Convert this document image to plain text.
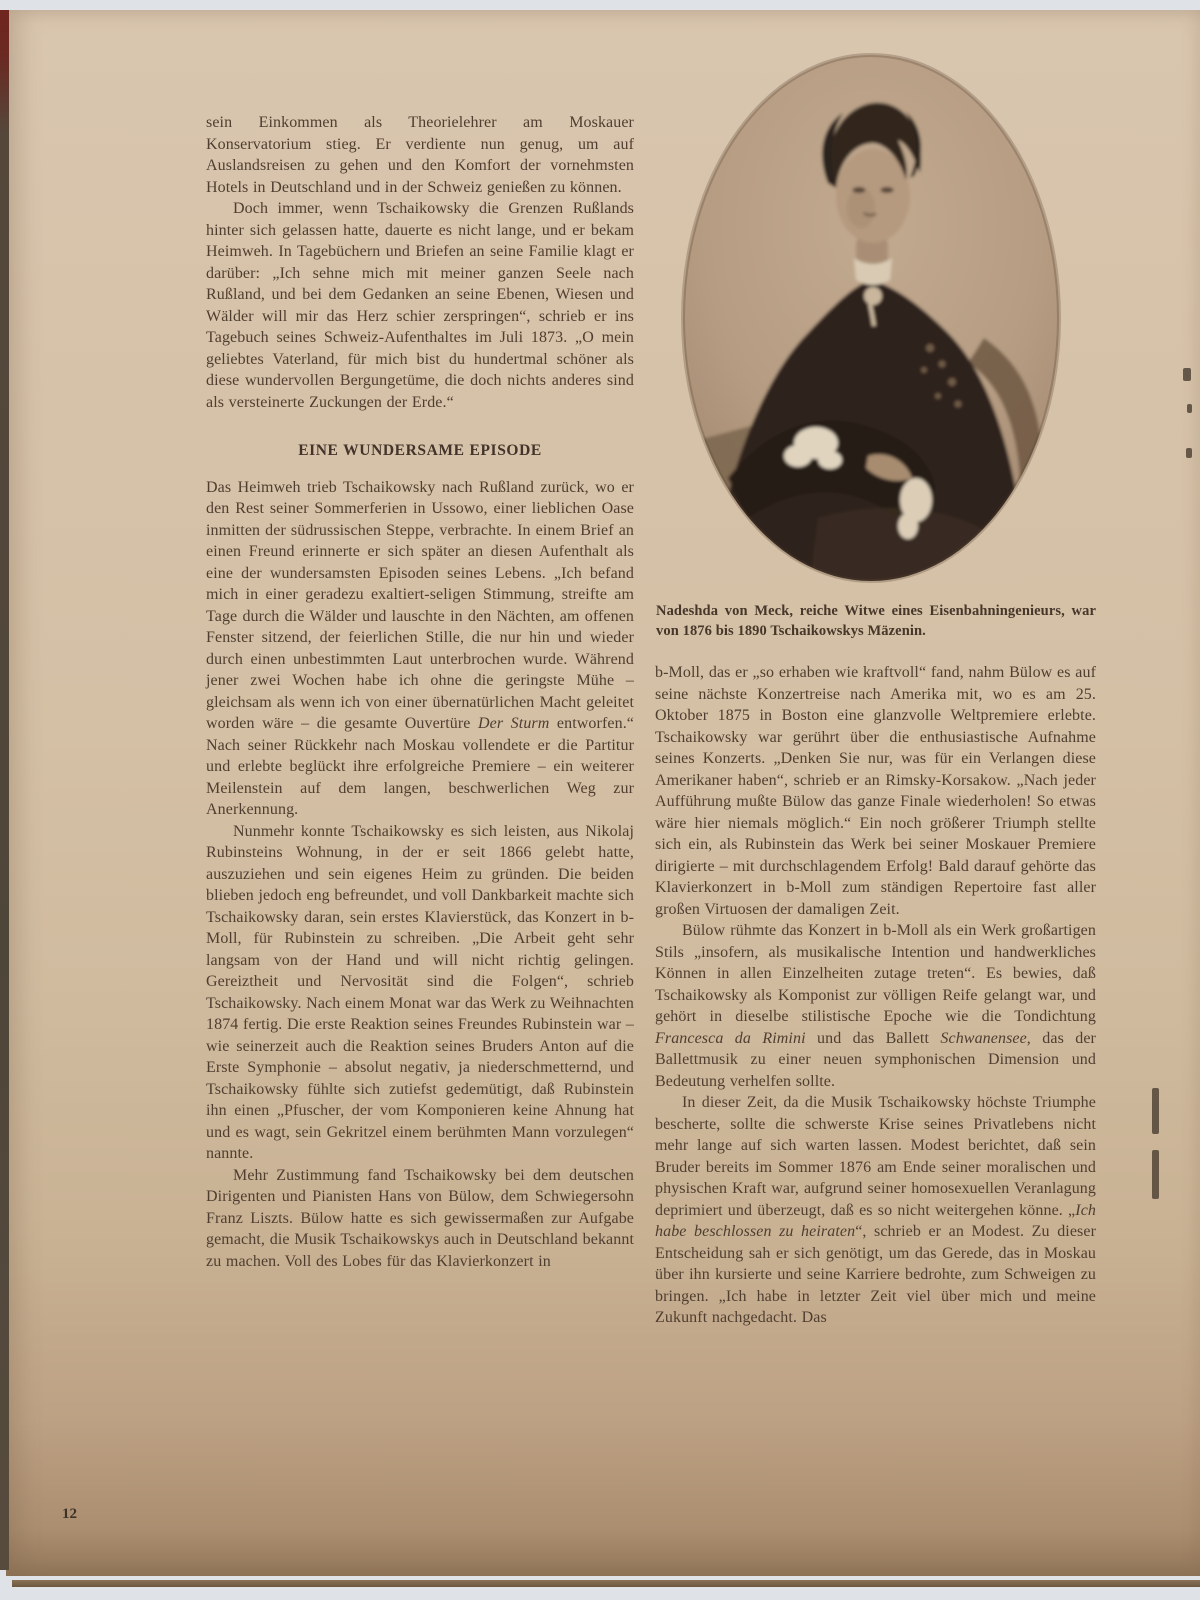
Nadeshda von Meck, reiche Witwe eines Eisenbahningenieurs, war von 1876 bis 1890 Tschaikowskys Mäzenin.

sein Einkommen als Theorielehrer am Moskauer Konservatorium stieg. Er verdiente nun genug, um auf Auslandsreisen zu gehen und den Komfort der vornehmsten Hotels in Deutschland und in der Schweiz genießen zu können.

Doch immer, wenn Tschaikowsky die Grenzen Rußlands hinter sich gelassen hatte, dauerte es nicht lange, und er bekam Heimweh. In Tagebüchern und Briefen an seine Familie klagt er darüber: „Ich sehne mich mit meiner ganzen Seele nach Rußland, und bei dem Gedanken an seine Ebenen, Wiesen und Wälder will mir das Herz schier zerspringen“, schrieb er ins Tagebuch seines Schweiz-Aufenthaltes im Juli 1873. „O mein geliebtes Vaterland, für mich bist du hundertmal schöner als diese wundervollen Bergungetüme, die doch nichts anderes sind als versteinerte Zuckungen der Erde.“

EINE WUNDERSAME EPISODE

Das Heimweh trieb Tschaikowsky nach Rußland zurück, wo er den Rest seiner Sommerferien in Ussowo, einer lieblichen Oase inmitten der südrussischen Steppe, verbrachte. In einem Brief an einen Freund erinnerte er sich später an diesen Aufenthalt als eine der wundersamsten Episoden seines Lebens. „Ich befand mich in einer geradezu exaltiert-seligen Stimmung, streifte am Tage durch die Wälder und lauschte in den Nächten, am offenen Fenster sitzend, der feierlichen Stille, die nur hin und wieder durch einen unbestimmten Laut unterbrochen wurde. Während jener zwei Wochen habe ich ohne die geringste Mühe – gleichsam als wenn ich von einer übernatürlichen Macht geleitet worden wäre – die gesamte Ouvertüre Der Sturm entworfen.“ Nach seiner Rückkehr nach Moskau vollendete er die Partitur und erlebte beglückt ihre erfolgreiche Premiere – ein weiterer Meilenstein auf dem langen, beschwerlichen Weg zur Anerkennung.

Nunmehr konnte Tschaikowsky es sich leisten, aus Nikolaj Rubinsteins Wohnung, in der er seit 1866 gelebt hatte, auszuziehen und sein eigenes Heim zu gründen. Die beiden blieben jedoch eng befreundet, und voll Dankbarkeit machte sich Tschaikowsky daran, sein erstes Klavierstück, das Konzert in b-Moll, für Rubinstein zu schreiben. „Die Arbeit geht sehr langsam von der Hand und will nicht richtig gelingen. Gereiztheit und Nervosität sind die Folgen“, schrieb Tschaikowsky. Nach einem Monat war das Werk zu Weihnachten 1874 fertig. Die erste Reaktion seines Freundes Rubinstein war – wie seinerzeit auch die Reaktion seines Bruders Anton auf die Erste Symphonie – absolut negativ, ja niederschmetternd, und Tschaikowsky fühlte sich zutiefst gedemütigt, daß Rubinstein ihn einen „Pfuscher, der vom Komponieren keine Ahnung hat und es wagt, sein Gekritzel einem berühmten Mann vorzulegen“ nannte.

Mehr Zustimmung fand Tschaikowsky bei dem deutschen Dirigenten und Pianisten Hans von Bülow, dem Schwiegersohn Franz Liszts. Bülow hatte es sich gewissermaßen zur Aufgabe gemacht, die Musik Tschaikowskys auch in Deutschland bekannt zu machen. Voll des Lobes für das Klavierkonzert in

b-Moll, das er „so erhaben wie kraftvoll“ fand, nahm Bülow es auf seine nächste Konzertreise nach Amerika mit, wo es am 25. Oktober 1875 in Boston eine glanzvolle Weltpremiere erlebte. Tschaikowsky war gerührt über die enthusiastische Aufnahme seines Konzerts. „Denken Sie nur, was für ein Verlangen diese Amerikaner haben“, schrieb er an Rimsky-Korsakow. „Nach jeder Aufführung mußte Bülow das ganze Finale wiederholen! So etwas wäre hier niemals möglich.“ Ein noch größerer Triumph stellte sich ein, als Rubinstein das Werk bei seiner Moskauer Premiere dirigierte – mit durchschlagendem Erfolg! Bald darauf gehörte das Klavierkonzert in b-Moll zum ständigen Repertoire fast aller großen Virtuosen der damaligen Zeit.

Bülow rühmte das Konzert in b-Moll als ein Werk großartigen Stils „insofern, als musikalische Intention und handwerkliches Können in allen Einzelheiten zutage treten“. Es bewies, daß Tschaikowsky als Komponist zur völligen Reife gelangt war, und gehört in dieselbe stilistische Epoche wie die Tondichtung Francesca da Rimini und das Ballett Schwanensee, das der Ballettmusik zu einer neuen symphonischen Dimension und Bedeutung verhelfen sollte.

In dieser Zeit, da die Musik Tschaikowsky höchste Triumphe bescherte, sollte die schwerste Krise seines Privatlebens nicht mehr lange auf sich warten lassen. Modest berichtet, daß sein Bruder bereits im Sommer 1876 am Ende seiner moralischen und physischen Kraft war, aufgrund seiner homosexuellen Veranlagung deprimiert und überzeugt, daß es so nicht weitergehen könne. „Ich habe beschlossen zu heiraten“, schrieb er an Modest. Zu dieser Entscheidung sah er sich genötigt, um das Gerede, das in Moskau über ihn kursierte und seine Karriere bedrohte, zum Schweigen zu bringen. „Ich habe in letzter Zeit viel über mich und meine Zukunft nachgedacht. Das

12
